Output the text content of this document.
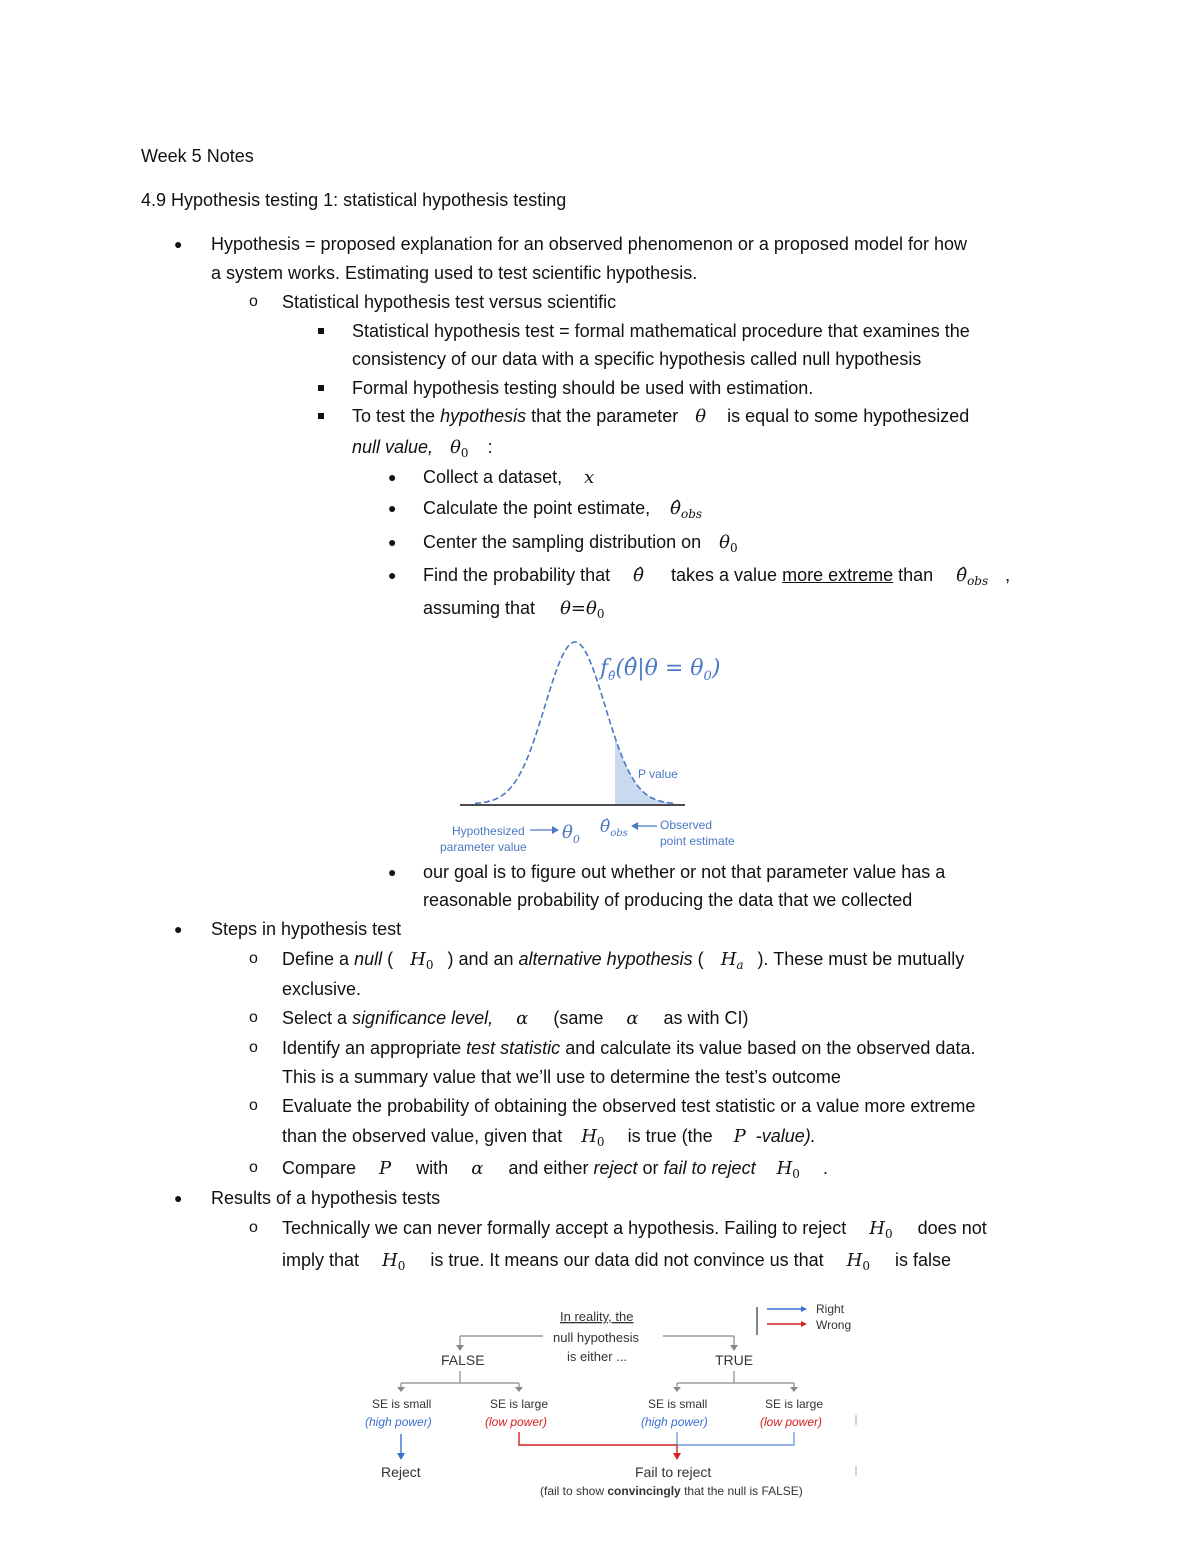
Week 5 Notes
4.9 Hypothesis testing 1: statistical hypothesis testing
● Hypothesis = proposed explanation for an observed phenomenon or a proposed model for how
a system works. Estimating used to test scientific hypothesis.
o Statistical hypothesis test versus scientific
Statistical hypothesis test = formal mathematical procedure that examines the
consistency of our data with a specific hypothesis called null hypothesis
Formal hypothesis testing should be used with estimation.
To test the hypothesis that the parameter θ is equal to some hypothesized
null value, $\theta_0$ :
● Collect a dataset, x
● Calculate the point estimate, $\thetâ_{obs}$
● Center the sampling distribution on $\theta_0$
● Find the probability that θ̂ takes a value more extreme than $\thetâ_{obs}$ ,
assuming that $\theta=\theta_0$
$f_{\thetâ}(\thetâ|\theta = \theta_0)$
P value
Hypothesized
parameter value
$\theta_0$
$\thetâ_{obs}$
Observed
point estimate
● our goal is to figure out whether or not that parameter value has a
reasonable probability of producing the data that we collected
● Steps in hypothesis test
o Define a null ( $H_0$ ) and an alternative hypothesis ( $H_a$ ). These must be mutually
exclusive.
o Select a significance level, α (same α as with CI)
o Identify an appropriate test statistic and calculate its value based on the observed data.
This is a summary value that we’ll use to determine the test’s outcome
o Evaluate the probability of obtaining the observed test statistic or a value more extreme
than the observed value, given that $H_0$ is true (the P -value).
o Compare P with α and either reject or fail to reject $H_0$ .
● Results of a hypothesis tests
o Technically we can never formally accept a hypothesis. Failing to reject $H_0$ does not
imply that $H_0$ is true. It means our data did not convince us that $H_0$ is false
In reality, the
null hypothesis
is either ...
FALSE	TRUE
Right
Wrong
SE is small
(high power)
SE is large
(low power)
SE is small
(high power)
SE is large
(low power)
Reject	Fail to reject
(fail to show convincingly that the null is FALSE)
